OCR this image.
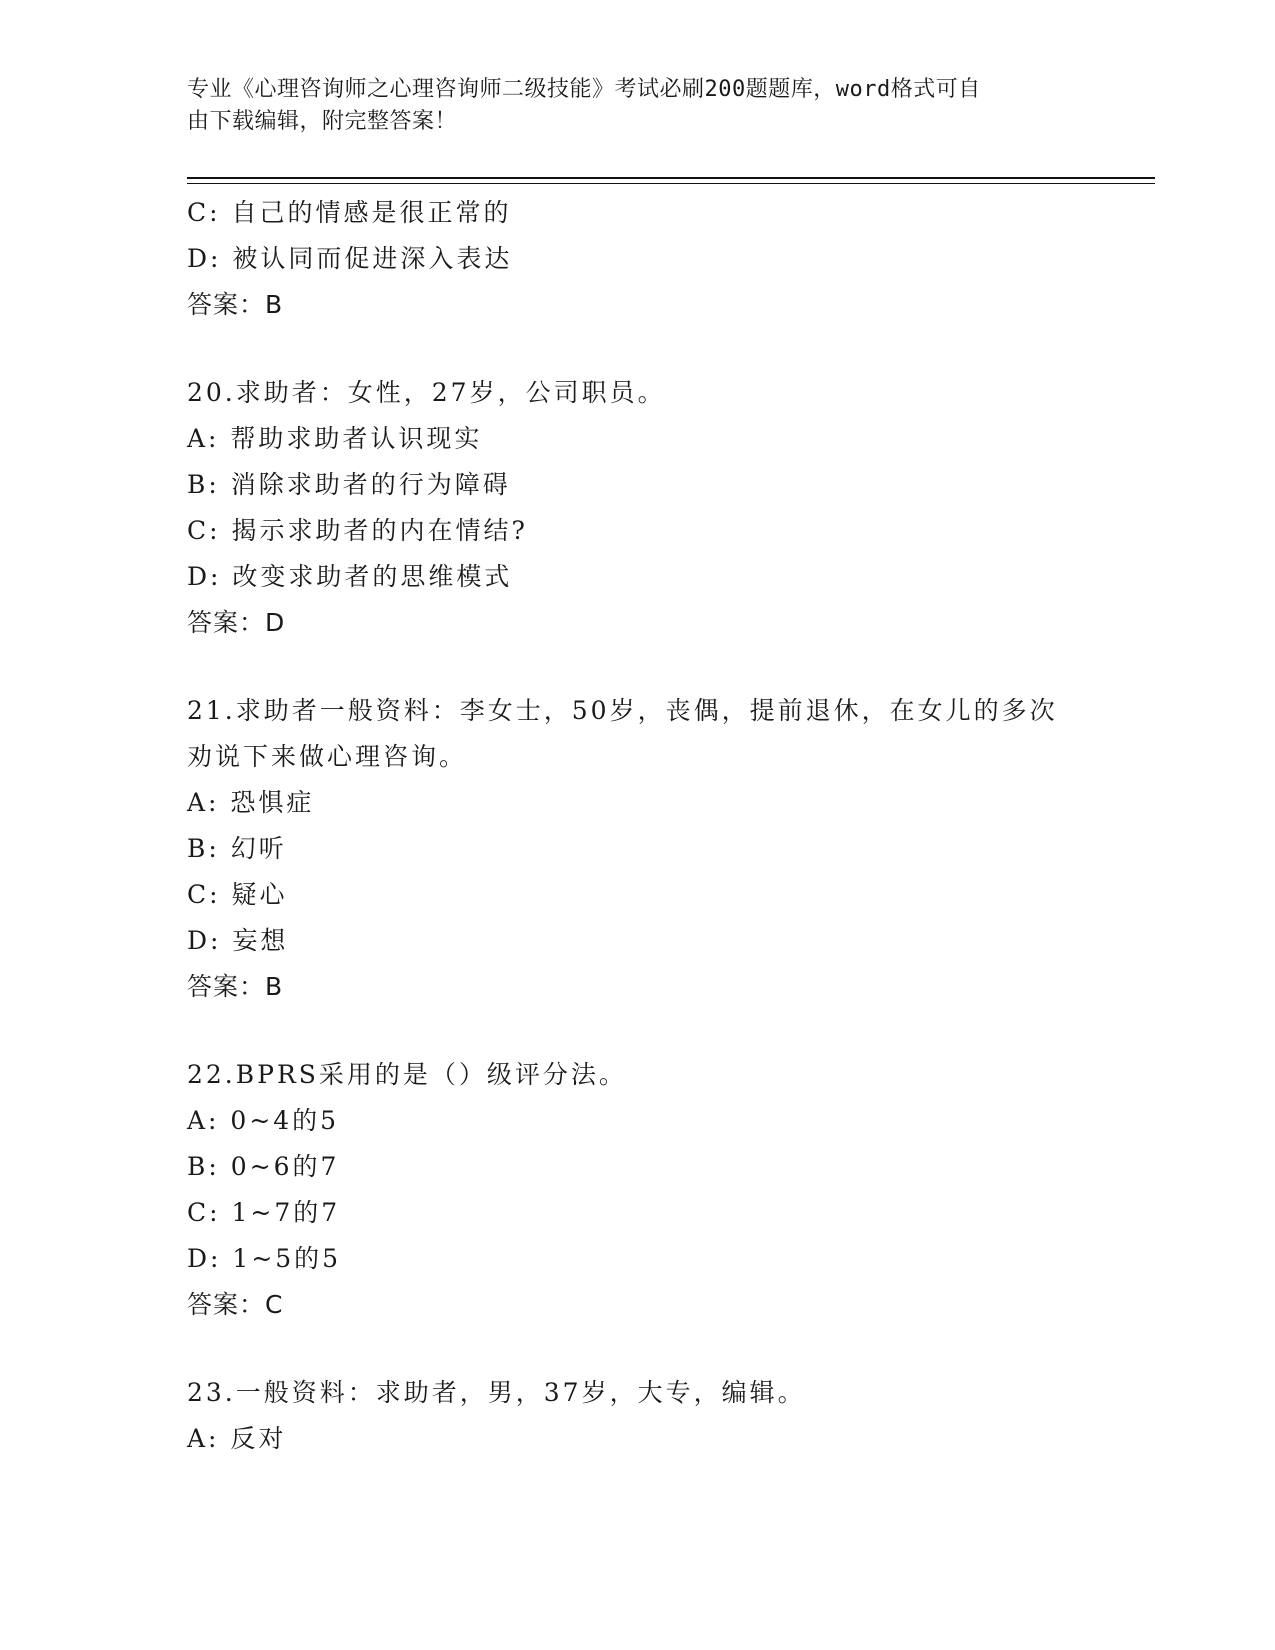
专业《心理咨询师之心理咨询师二级技能》考试必刷200题题库，word格式可自
由下载编辑，附完整答案！
C: 自己的情感是很正常的
D: 被认同而促进深入表达
答案：B
20.求助者：女性，27岁，公司职员。
A: 帮助求助者认识现实
B: 消除求助者的行为障碍
C: 揭示求助者的内在情结?
D: 改变求助者的思维模式
答案：D
21.求助者一般资料：李女士，50岁，丧偶，提前退休，在女儿的多次
劝说下来做心理咨询。
A: 恐惧症
B: 幻听
C: 疑心
D: 妄想
答案：B
22.BPRS采用的是（）级评分法。
A: 0~4的5
B: 0~6的7
C: 1~7的7
D: 1~5的5
答案：C
23.一般资料：求助者，男，37岁，大专，编辑。
A: 反对
